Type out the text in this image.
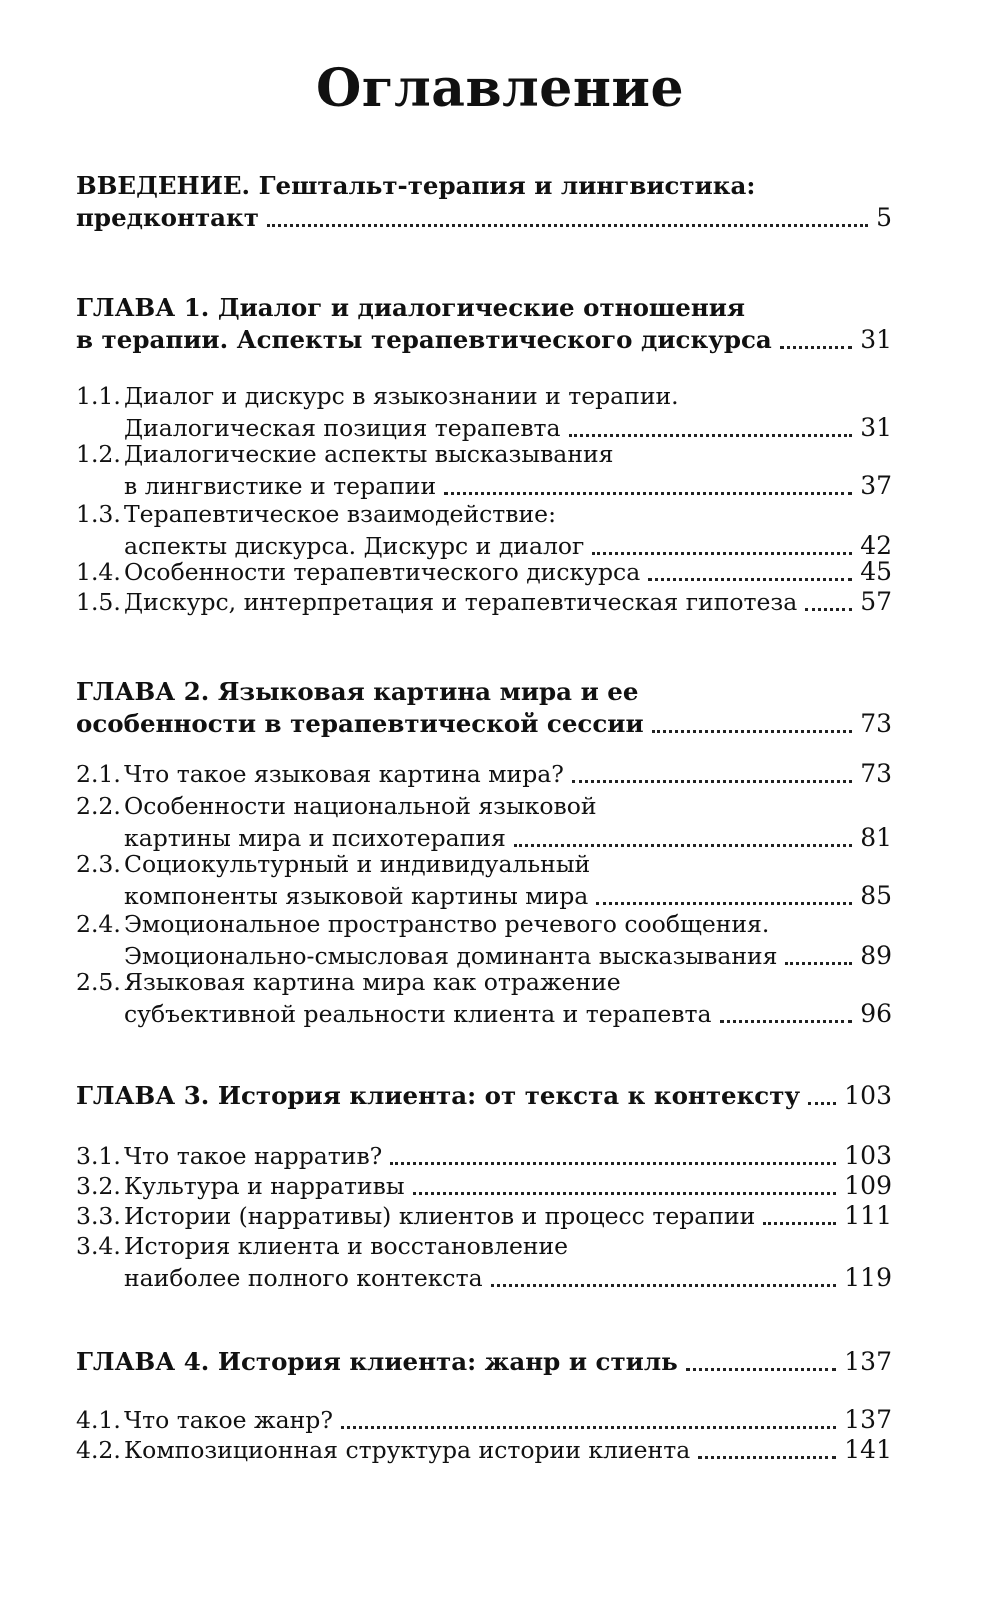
Оглавление
ВВЕДЕНИЕ. Гештальт-терапия и лингвистика:
предконтакт	5
ГЛАВА 1. Диалог и диалогические отношения
в терапии. Аспекты терапевтического дискурса	31
1.1. Диалог и дискурс в языкознании и терапии.
Диалогическая позиция терапевта	31
1.2. Диалогические аспекты высказывания
в лингвистике и терапии	37
1.3. Терапевтическое взаимодействие:
аспекты дискурса. Дискурс и диалог	42
1.4. Особенности терапевтического дискурса	45
1.5. Дискурс, интерпретация и терапевтическая гипотеза	57
ГЛАВА 2. Языковая картина мира и ее
особенности в терапевтической сессии	73
2.1. Что такое языковая картина мира?	73
2.2. Особенности национальной языковой
картины мира и психотерапия	81
2.3. Социокультурный и индивидуальный
компоненты языковой картины мира	85
2.4. Эмоциональное пространство речевого сообщения.
Эмоционально-смысловая доминанта высказывания	89
2.5. Языковая картина мира как отражение
субъективной реальности клиента и терапевта	96
ГЛАВА 3. История клиента: от текста к контексту 103
3.1. Что такое нарратив?	103
3.2. Культура и нарративы	109
3.3. Истории (нарративы) клиентов и процесс терапии	111
3.4. История клиента и восстановление
наиболее полного контекста	119
ГЛАВА 4. История клиента: жанр и стиль	137
4.1. Что такое жанр?	137
4.2. Композиционная структура истории клиента	141
